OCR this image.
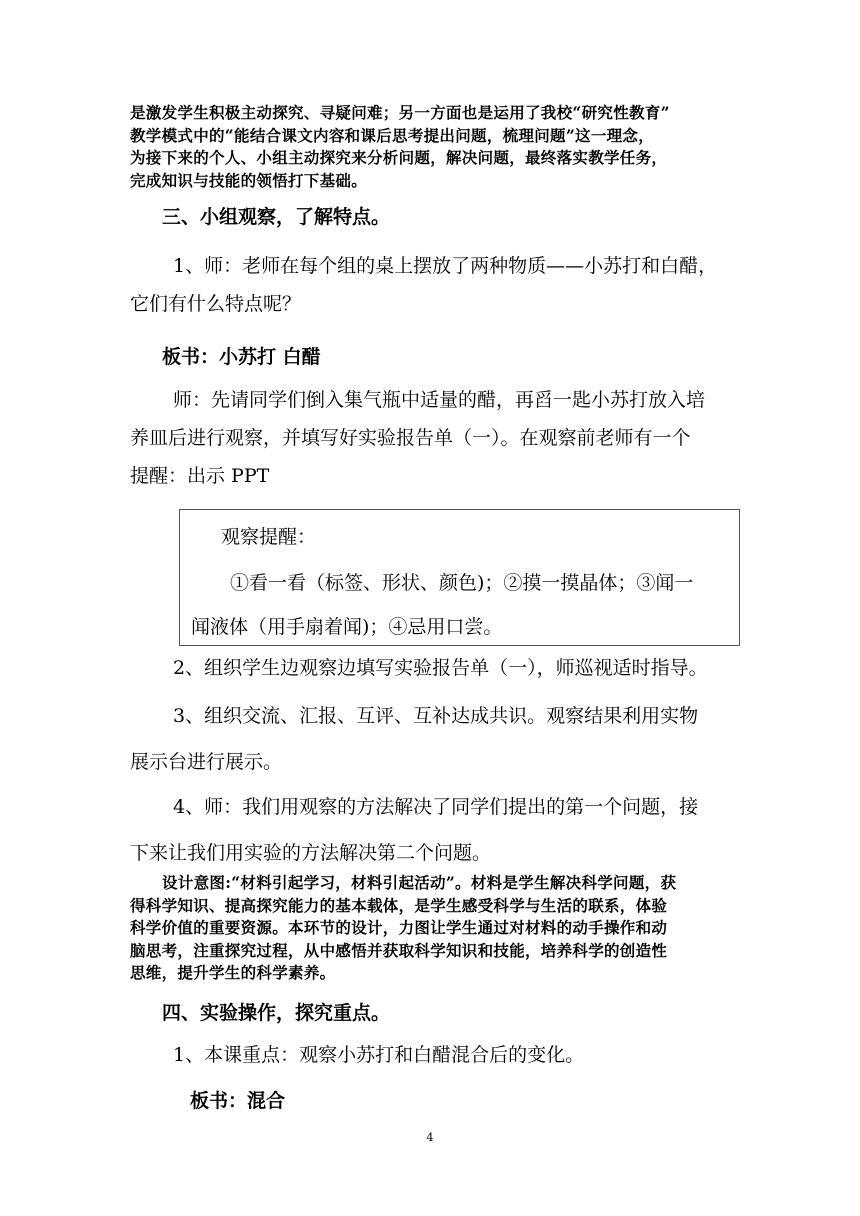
是激发学生积极主动探究、寻疑问难；另一方面也是运用了我校“研究性教育”
教学模式中的“能结合课文内容和课后思考提出问题，梳理问题”这一理念，
为接下来的个人、小组主动探究来分析问题，解决问题，最终落实教学任务，
完成知识与技能的领悟打下基础。
三、小组观察，了解特点。
1、师：老师在每个组的桌上摆放了两种物质——小苏打和白醋，
它们有什么特点呢？
板书：小苏打 白醋
师：先请同学们倒入集气瓶中适量的醋，再舀一匙小苏打放入培
养皿后进行观察，并填写好实验报告单（一）。在观察前老师有一个
提醒：出示 PPT
观察提醒：
①看一看（标签、形状、颜色)；②摸一摸晶体；③闻一
闻液体（用手扇着闻)；④忌用口尝。
2、组织学生边观察边填写实验报告单（一），师巡视适时指导。
3、组织交流、汇报、互评、互补达成共识。观察结果利用实物
展示台进行展示。
4、师：我们用观察的方法解决了同学们提出的第一个问题，接
下来让我们用实验的方法解决第二个问题。
设计意图:“材料引起学习，材料引起活动”。材料是学生解决科学问题，获
得科学知识、提高探究能力的基本载体，是学生感受科学与生活的联系，体验
科学价值的重要资源。本环节的设计，力图让学生通过对材料的动手操作和动
脑思考，注重探究过程，从中感悟并获取科学知识和技能，培养科学的创造性
思维，提升学生的科学素养。
四、实验操作，探究重点。
1、本课重点：观察小苏打和白醋混合后的变化。
板书：混合
4
